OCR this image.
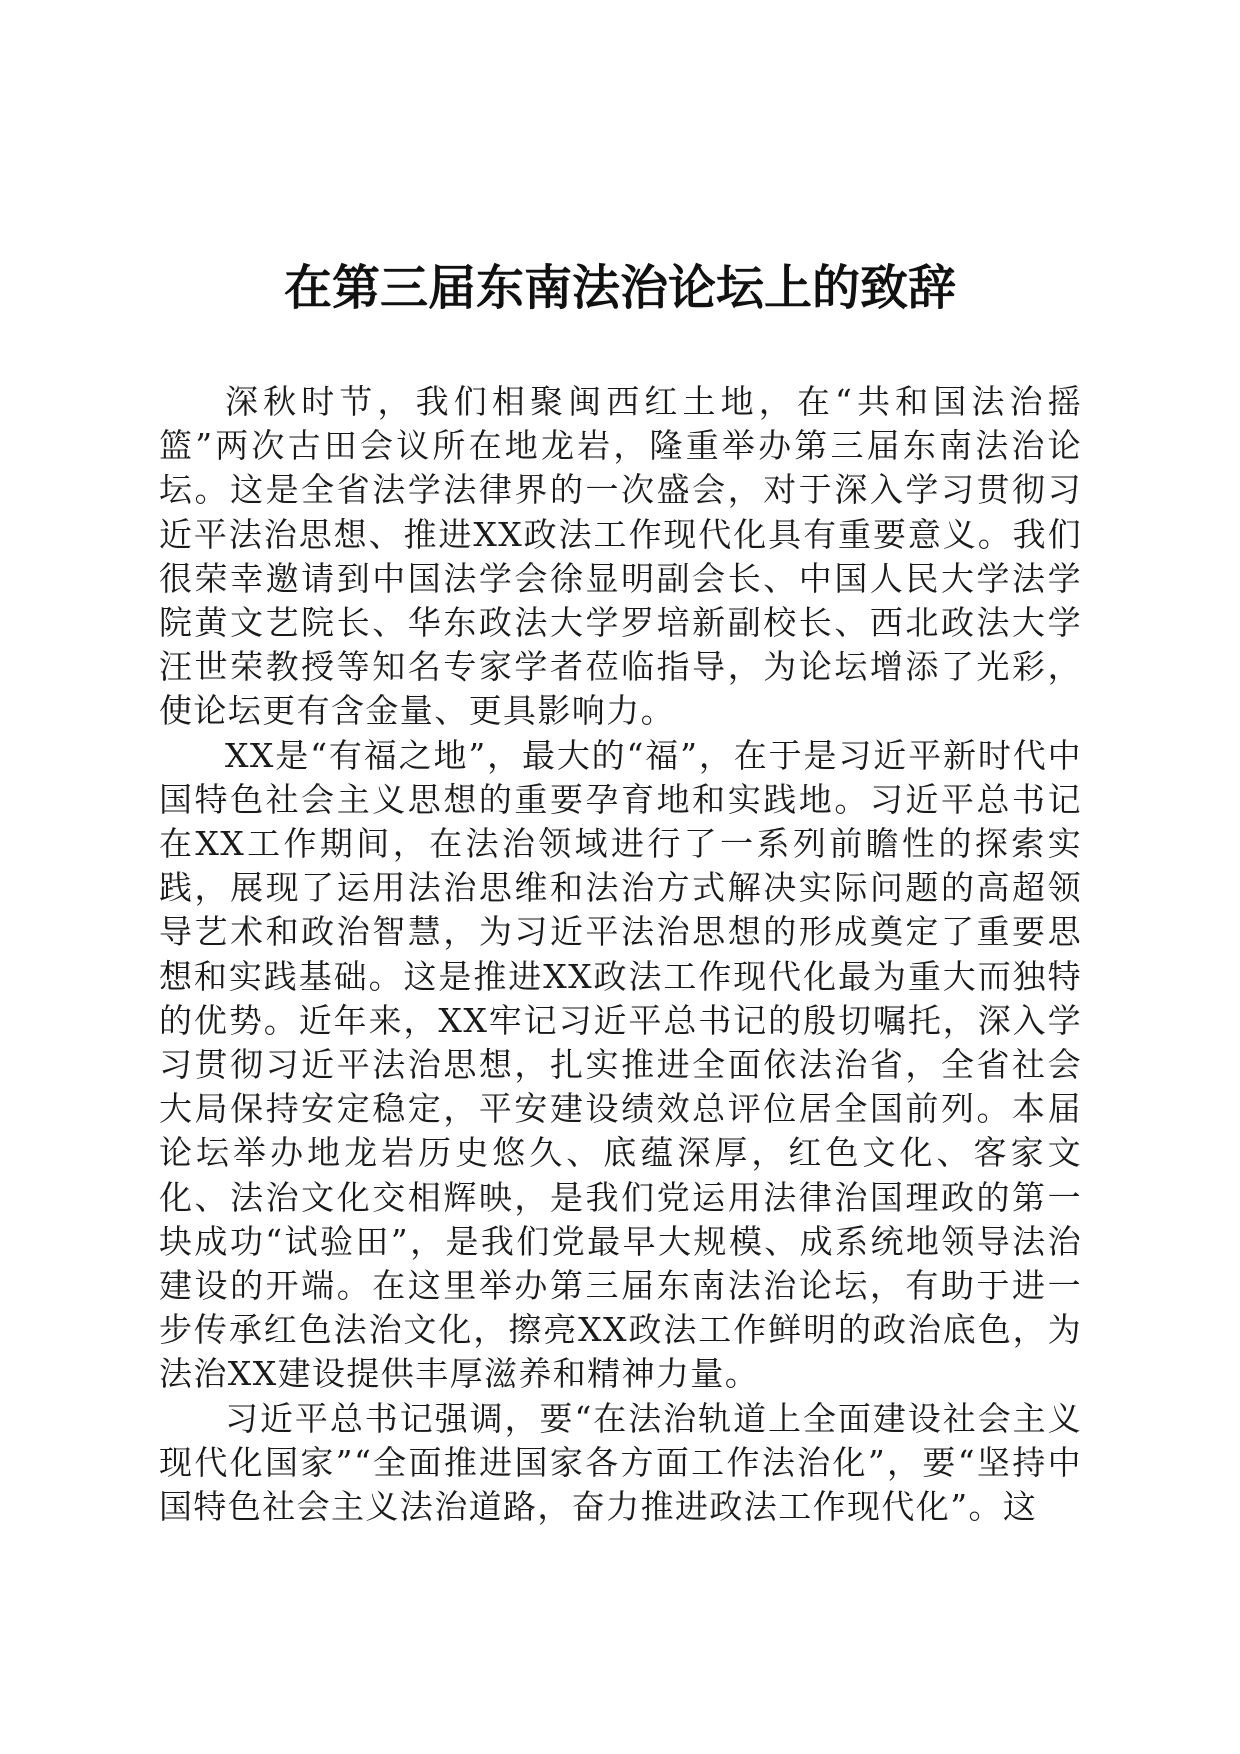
在第三届东南法治论坛上的致辞

深秋时节，我们相聚闽西红土地，在“共和国法治摇篮”两次古田会议所在地龙岩，隆重举办第三届东南法治论坛。这是全省法学法律界的一次盛会，对于深入学习贯彻习近平法治思想、推进XX政法工作现代化具有重要意义。我们很荣幸邀请到中国法学会徐显明副会长、中国人民大学法学院黄文艺院长、华东政法大学罗培新副校长、西北政法大学汪世荣教授等知名专家学者莅临指导，为论坛增添了光彩，使论坛更有含金量、更具影响力。

XX是“有福之地”，最大的“福”，在于是习近平新时代中国特色社会主义思想的重要孕育地和实践地。习近平总书记在XX工作期间，在法治领域进行了一系列前瞻性的探索实践，展现了运用法治思维和法治方式解决实际问题的高超领导艺术和政治智慧，为习近平法治思想的形成奠定了重要思想和实践基础。这是推进XX政法工作现代化最为重大而独特的优势。近年来，XX牢记习近平总书记的殷切嘱托，深入学习贯彻习近平法治思想，扎实推进全面依法治省，全省社会大局保持安定稳定，平安建设绩效总评位居全国前列。本届论坛举办地龙岩历史悠久、底蕴深厚，红色文化、客家文化、法治文化交相辉映，是我们党运用法律治国理政的第一块成功“试验田”，是我们党最早大规模、成系统地领导法治建设的开端。在这里举办第三届东南法治论坛，有助于进一步传承红色法治文化，擦亮XX政法工作鲜明的政治底色，为法治XX建设提供丰厚滋养和精神力量。

习近平总书记强调，要“在法治轨道上全面建设社会主义现代化国家”“全面推进国家各方面工作法治化”，要“坚持中国特色社会主义法治道路，奋力推进政法工作现代化”。这
